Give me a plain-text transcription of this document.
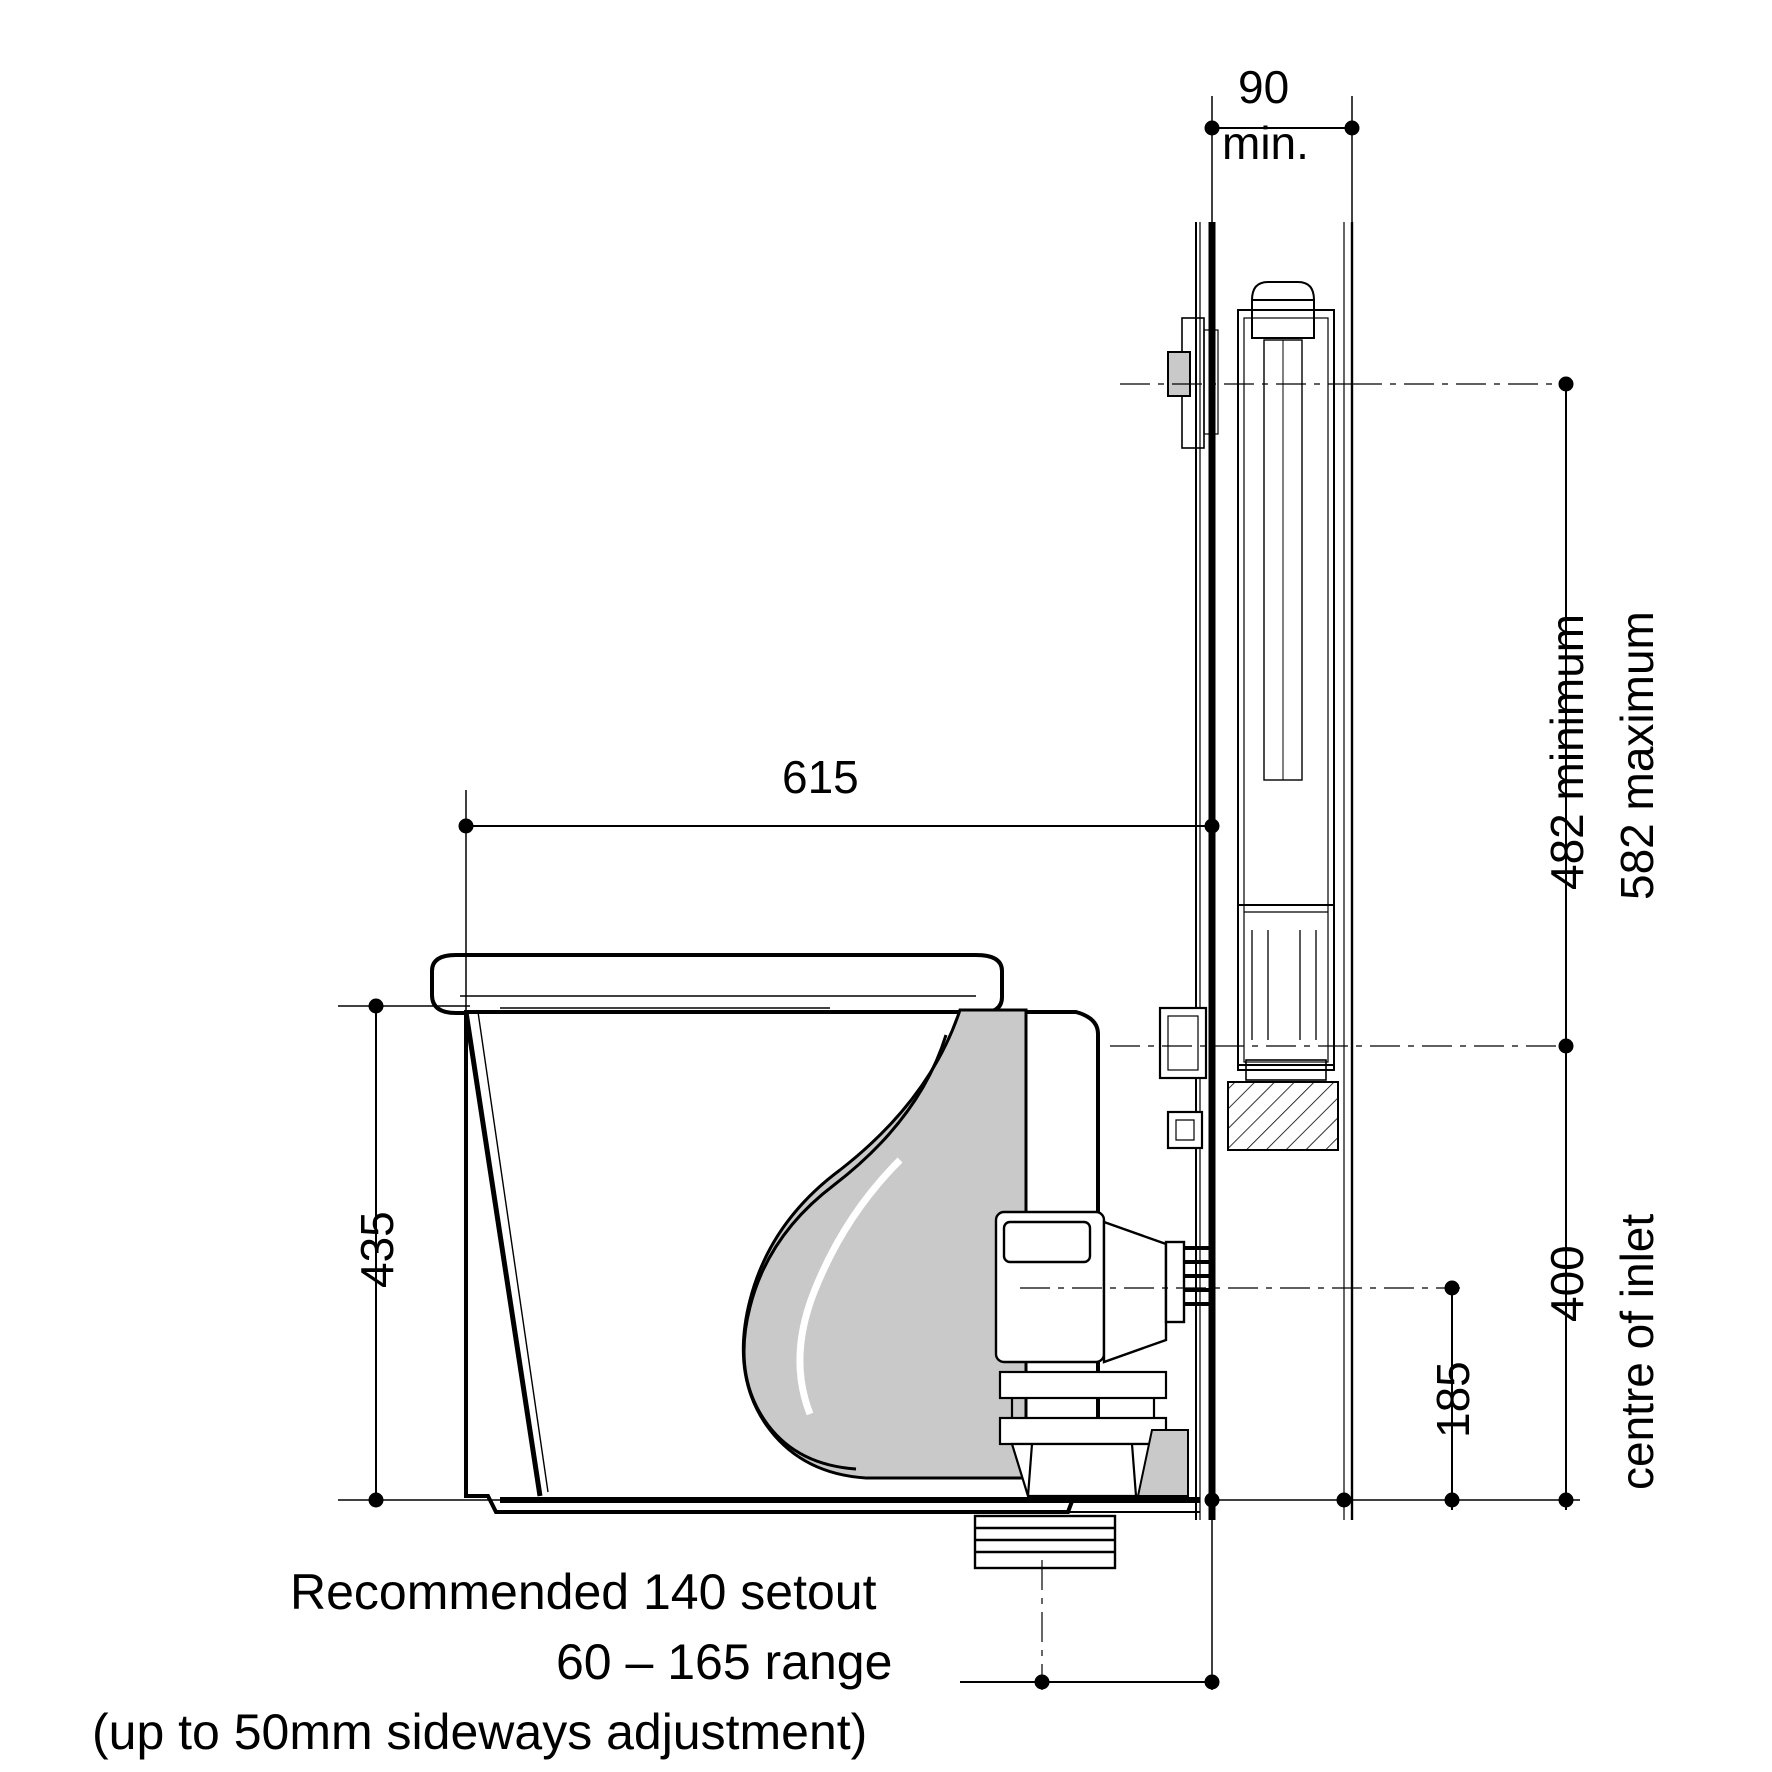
90
min.
615
435	400
185
482 minimum 582 maximum
centre of inlet
Recommended 140 setout
60 – 165 range
(up to 50mm sideways adjustment)
